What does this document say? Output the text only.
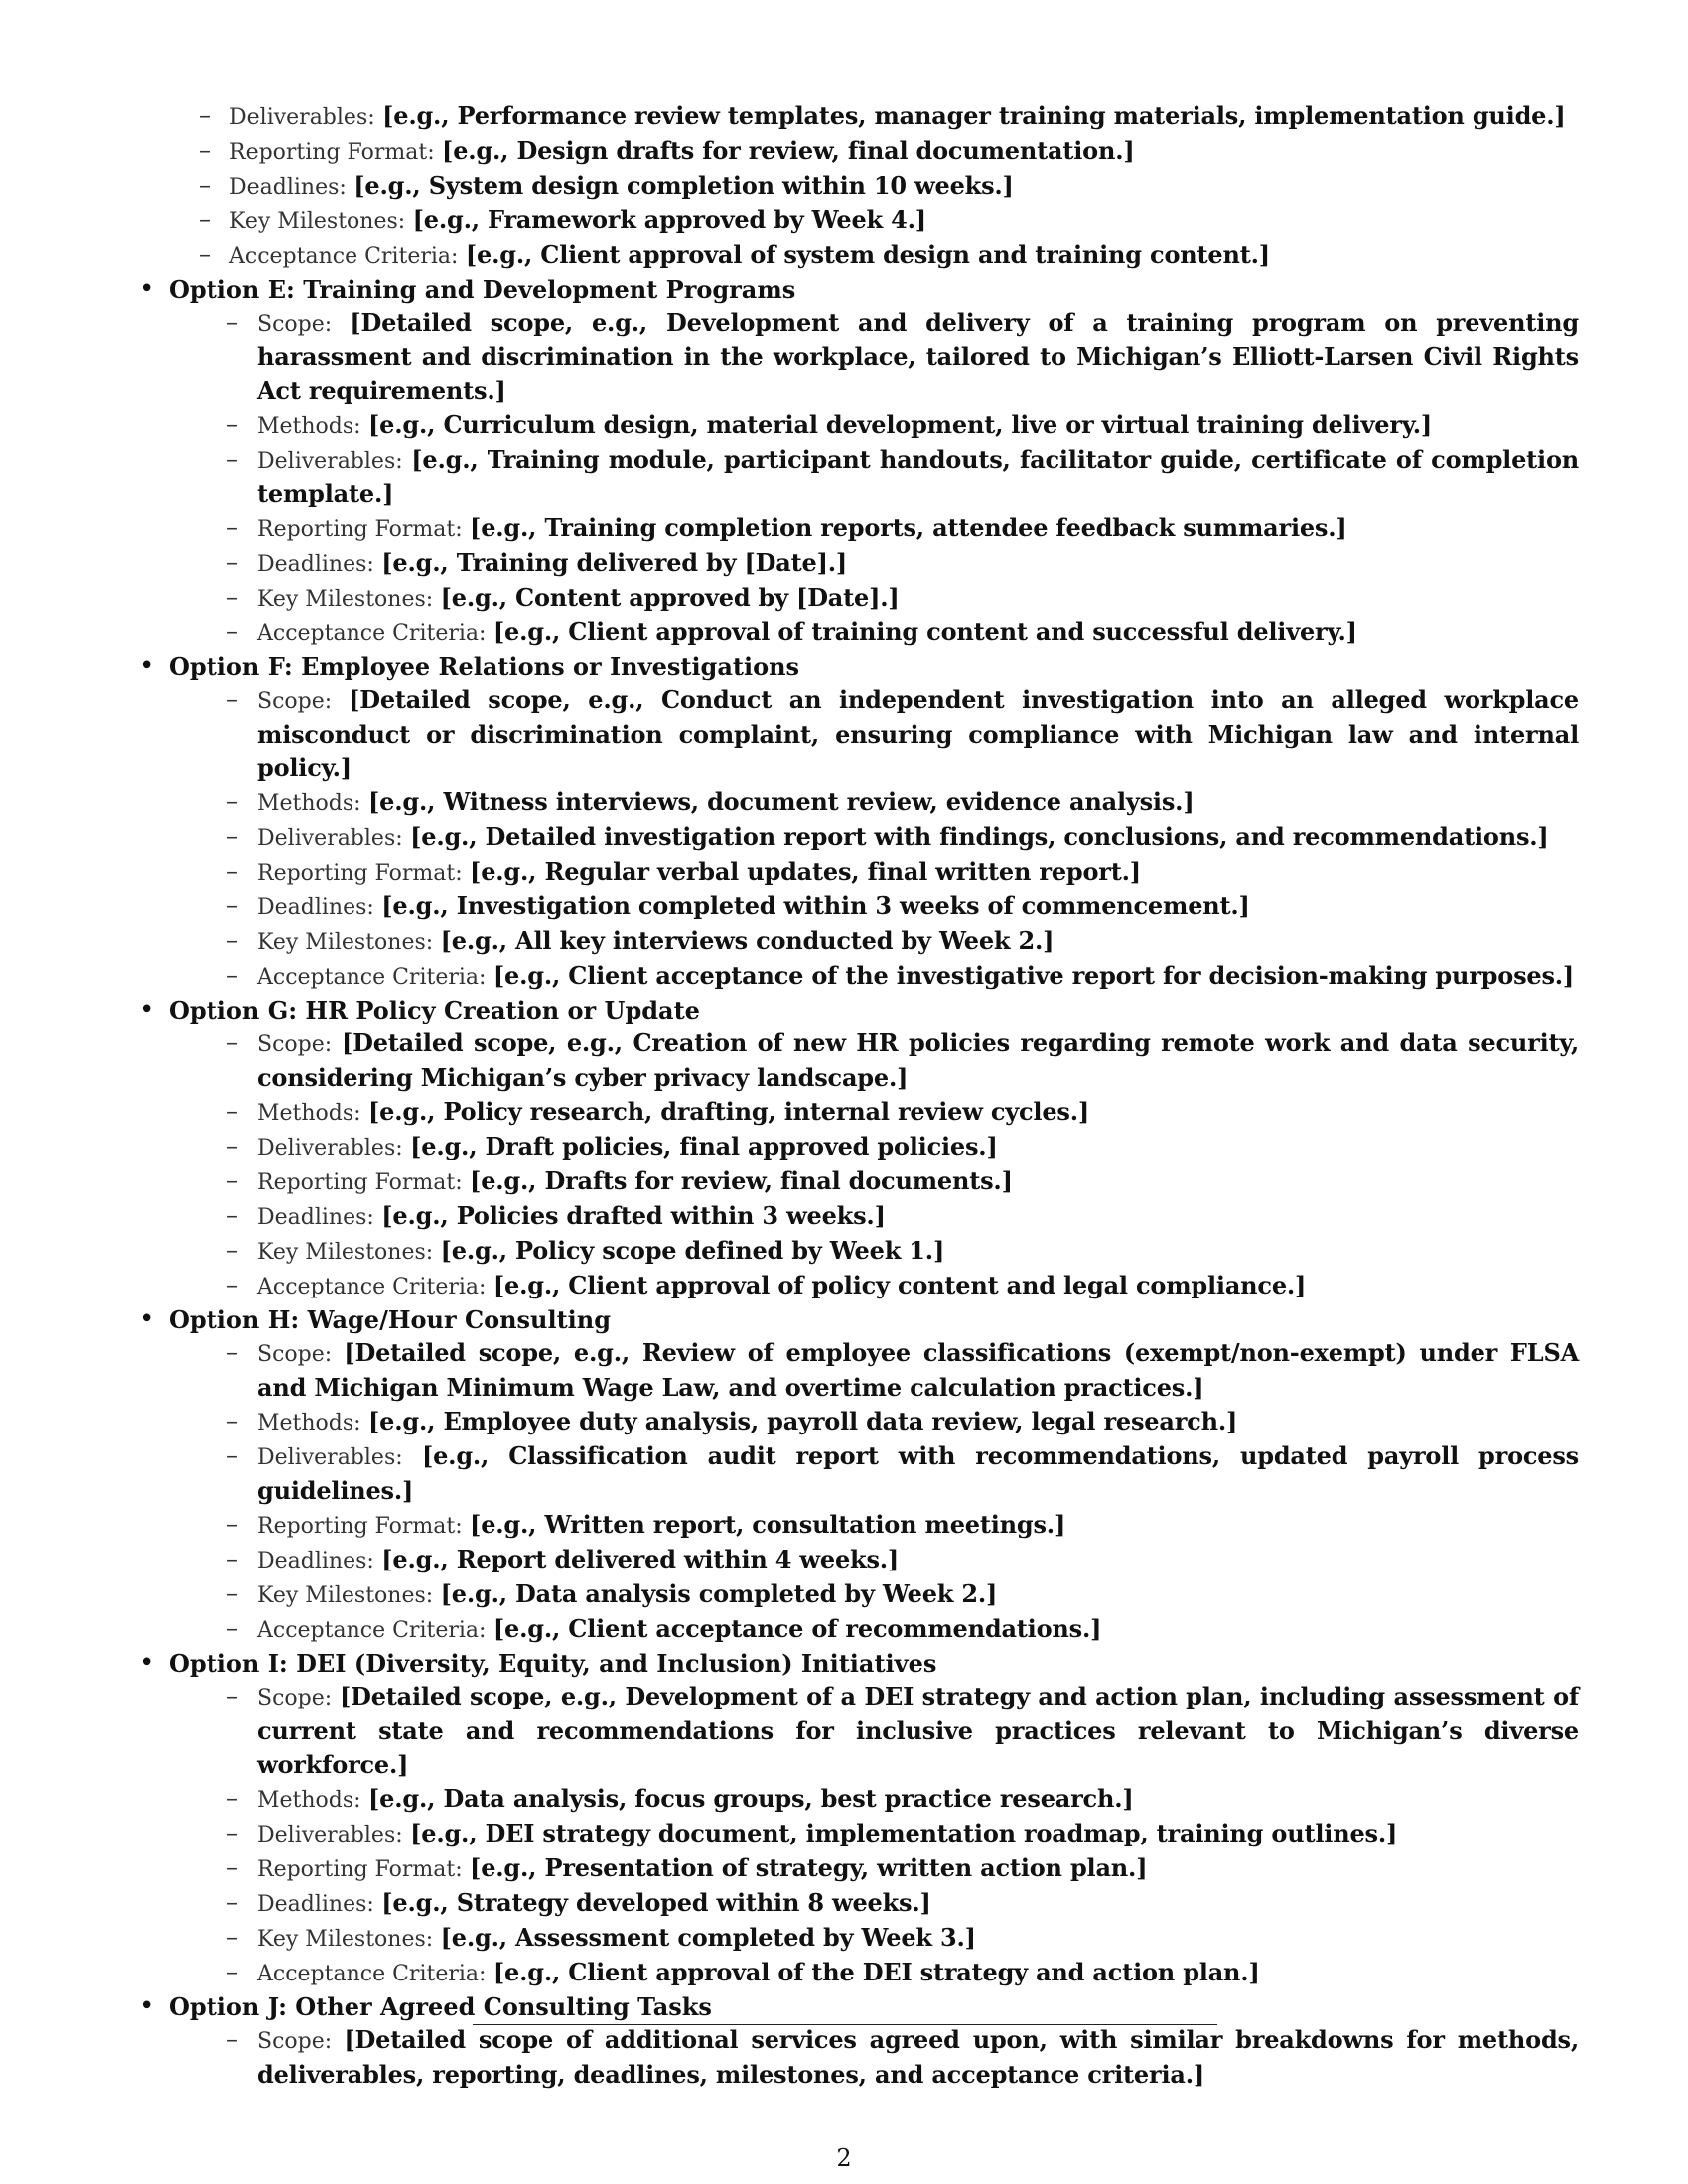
– Deliverables: [e.g., Performance review templates, manager training materials, implementation guide.]
– Reporting Format: [e.g., Design drafts for review, final documentation.]
– Deadlines: [e.g., System design completion within 10 weeks.]
– Key Milestones: [e.g., Framework approved by Week 4.]
– Acceptance Criteria: [e.g., Client approval of system design and training content.]
• Option E: Training and Development Programs
– Scope: [Detailed scope, e.g., Development and delivery of a training program on preventing harassment and discrimination in the workplace, tailored to Michigan’s Elliott-Larsen Civil Rights Act requirements.]
– Methods: [e.g., Curriculum design, material development, live or virtual training delivery.]
– Deliverables: [e.g., Training module, participant handouts, facilitator guide, certificate of completion template.]
– Reporting Format: [e.g., Training completion reports, attendee feedback summaries.]
– Deadlines: [e.g., Training delivered by [Date].]
– Key Milestones: [e.g., Content approved by [Date].]
– Acceptance Criteria: [e.g., Client approval of training content and successful delivery.]
• Option F: Employee Relations or Investigations
– Scope: [Detailed scope, e.g., Conduct an independent investigation into an alleged workplace misconduct or discrimination complaint, ensuring compliance with Michigan law and internal policy.]
– Methods: [e.g., Witness interviews, document review, evidence analysis.]
– Deliverables: [e.g., Detailed investigation report with findings, conclusions, and recommendations.]
– Reporting Format: [e.g., Regular verbal updates, final written report.]
– Deadlines: [e.g., Investigation completed within 3 weeks of commencement.]
– Key Milestones: [e.g., All key interviews conducted by Week 2.]
– Acceptance Criteria: [e.g., Client acceptance of the investigative report for decision-making purposes.]
• Option G: HR Policy Creation or Update
– Scope: [Detailed scope, e.g., Creation of new HR policies regarding remote work and data security, considering Michigan’s cyber privacy landscape.]
– Methods: [e.g., Policy research, drafting, internal review cycles.]
– Deliverables: [e.g., Draft policies, final approved policies.]
– Reporting Format: [e.g., Drafts for review, final documents.]
– Deadlines: [e.g., Policies drafted within 3 weeks.]
– Key Milestones: [e.g., Policy scope defined by Week 1.]
– Acceptance Criteria: [e.g., Client approval of policy content and legal compliance.]
• Option H: Wage/Hour Consulting
– Scope: [Detailed scope, e.g., Review of employee classifications (exempt/non-exempt) under FLSA and Michigan Minimum Wage Law, and overtime calculation practices.]
– Methods: [e.g., Employee duty analysis, payroll data review, legal research.]
– Deliverables: [e.g., Classification audit report with recommendations, updated payroll process guidelines.]
– Reporting Format: [e.g., Written report, consultation meetings.]
– Deadlines: [e.g., Report delivered within 4 weeks.]
– Key Milestones: [e.g., Data analysis completed by Week 2.]
– Acceptance Criteria: [e.g., Client acceptance of recommendations.]
• Option I: DEI (Diversity, Equity, and Inclusion) Initiatives
– Scope: [Detailed scope, e.g., Development of a DEI strategy and action plan, including assessment of current state and recommendations for inclusive practices relevant to Michigan’s diverse workforce.]
– Methods: [e.g., Data analysis, focus groups, best practice research.]
– Deliverables: [e.g., DEI strategy document, implementation roadmap, training outlines.]
– Reporting Format: [e.g., Presentation of strategy, written action plan.]
– Deadlines: [e.g., Strategy developed within 8 weeks.]
– Key Milestones: [e.g., Assessment completed by Week 3.]
– Acceptance Criteria: [e.g., Client approval of the DEI strategy and action plan.]
• Option J: Other Agreed Consulting Tasks
– Scope: [Detailed scope of additional services agreed upon, with similar breakdowns for methods, deliverables, reporting, deadlines, milestones, and acceptance criteria.]
2
